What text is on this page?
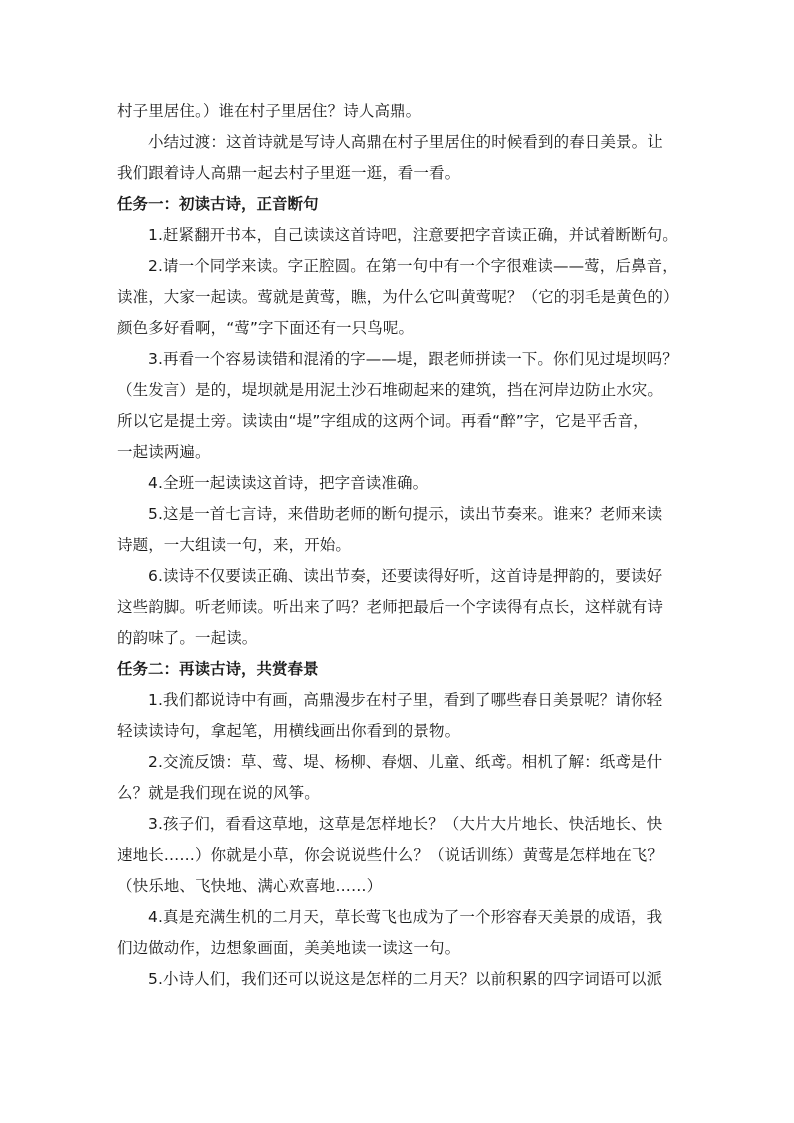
村子里居住。）谁在村子里居住？诗人高鼎。
小结过渡：这首诗就是写诗人高鼎在村子里居住的时候看到的春日美景。让
我们跟着诗人高鼎一起去村子里逛一逛，看一看。
任务一：初读古诗，正音断句
1.赶紧翻开书本，自己读读这首诗吧，注意要把字音读正确，并试着断断句。
2.请一个同学来读。字正腔圆。在第一句中有一个字很难读——莺，后鼻音，
读准，大家一起读。莺就是黄莺，瞧，为什么它叫黄莺呢？（它的羽毛是黄色的）
颜色多好看啊，“莺”字下面还有一只鸟呢。
3.再看一个容易读错和混淆的字——堤，跟老师拼读一下。你们见过堤坝吗？
（生发言）是的，堤坝就是用泥土沙石堆砌起来的建筑，挡在河岸边防止水灾。
所以它是提土旁。读读由“堤”字组成的这两个词。再看“醉”字，它是平舌音，
一起读两遍。
4.全班一起读读这首诗，把字音读准确。
5.这是一首七言诗，来借助老师的断句提示，读出节奏来。谁来？老师来读
诗题，一大组读一句，来，开始。
6.读诗不仅要读正确、读出节奏，还要读得好听，这首诗是押韵的，要读好
这些韵脚。听老师读。听出来了吗？老师把最后一个字读得有点长，这样就有诗
的韵味了。一起读。
任务二：再读古诗，共赏春景
1.我们都说诗中有画，高鼎漫步在村子里，看到了哪些春日美景呢？请你轻
轻读读诗句，拿起笔，用横线画出你看到的景物。
2.交流反馈：草、莺、堤、杨柳、春烟、儿童、纸鸢。相机了解：纸鸢是什
么？就是我们现在说的风筝。
3.孩子们，看看这草地，这草是怎样地长？（大片大片地长、快活地长、快
速地长……）你就是小草，你会说说些什么？（说话训练）黄莺是怎样地在飞？
（快乐地、飞快地、满心欢喜地……）
4.真是充满生机的二月天，草长莺飞也成为了一个形容春天美景的成语，我
们边做动作，边想象画面，美美地读一读这一句。
5.小诗人们，我们还可以说这是怎样的二月天？以前积累的四字词语可以派
